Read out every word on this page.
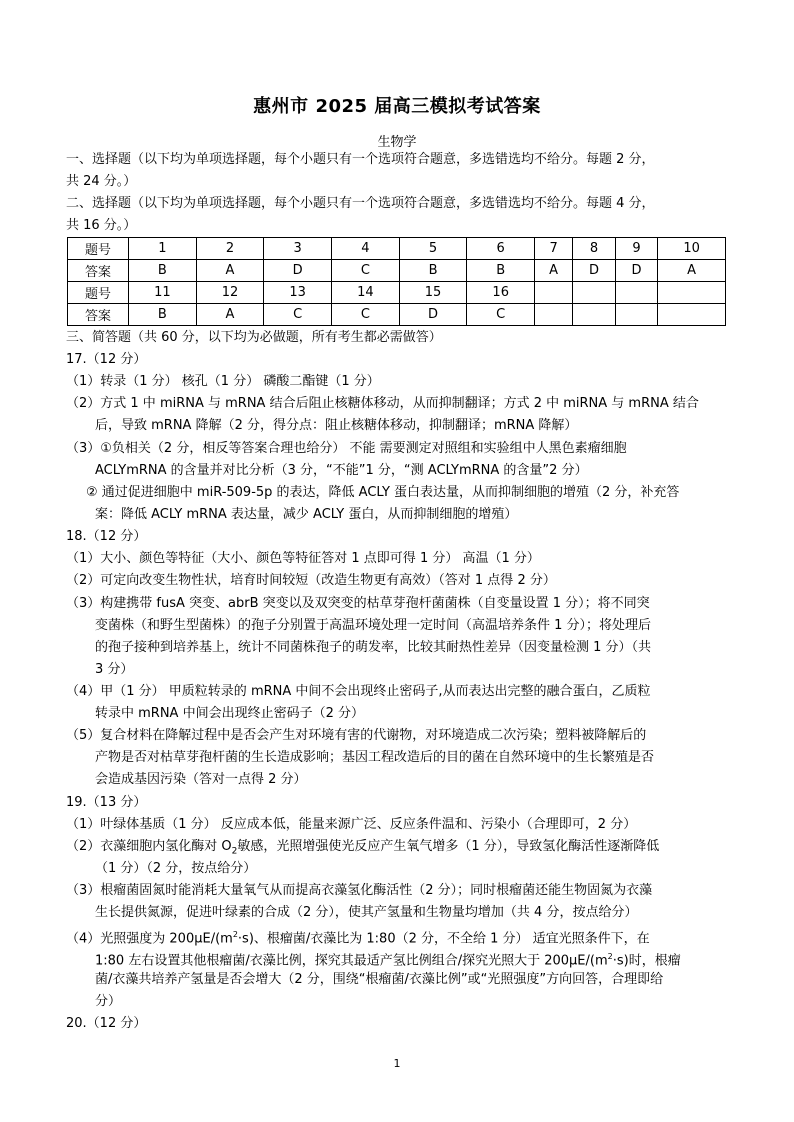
惠州市 2025 届高三模拟考试答案
生物学
一、选择题（以下均为单项选择题，每个小题只有一个选项符合题意，多选错选均不给分。每题 2 分，
共 24 分。）
二、选择题（以下均为单项选择题，每个小题只有一个选项符合题意，多选错选均不给分。每题 4 分，
共 16 分。）
题号	1	2	3	4	5	6	7	8	9	10
答案	B	A	D	C	B	B	A	D	D	A
题号	11	12	13	14	15	16				
答案	B	A	C	C	D	C				
三、简答题（共 60 分，以下均为必做题，所有考生都必需做答）
17.（12 分）
（1）转录（1 分） 核孔（1 分） 磷酸二酯键（1 分）
（2）方式 1 中 miRNA 与 mRNA 结合后阻止核糖体移动，从而抑制翻译；方式 2 中 miRNA 与 mRNA 结合
后，导致 mRNA 降解（2 分，得分点：阻止核糖体移动，抑制翻译；mRNA 降解）
（3）①负相关（2 分，相反等答案合理也给分） 不能 需要测定对照组和实验组中人黑色素瘤细胞
ACLYmRNA 的含量并对比分析（3 分，“不能”1 分，“测 ACLYmRNA 的含量”2 分）
② 通过促进细胞中 miR-509-5p 的表达，降低 ACLY 蛋白表达量，从而抑制细胞的增殖（2 分，补充答
案：降低 ACLY mRNA 表达量，减少 ACLY 蛋白，从而抑制细胞的增殖）
18.（12 分）
（1）大小、颜色等特征（大小、颜色等特征答对 1 点即可得 1 分） 高温（1 分）
（2）可定向改变生物性状，培育时间较短（改造生物更有高效）（答对 1 点得 2 分）
（3）构建携带 fusA 突变、abrB 突变以及双突变的枯草芽孢杆菌菌株（自变量设置 1 分）；将不同突
变菌株（和野生型菌株）的孢子分别置于高温环境处理一定时间（高温培养条件 1 分）；将处理后
的孢子接种到培养基上，统计不同菌株孢子的萌发率，比较其耐热性差异（因变量检测 1 分）（共
3 分）
（4）甲（1 分） 甲质粒转录的 mRNA 中间不会出现终止密码子,从而表达出完整的融合蛋白，乙质粒
转录中 mRNA 中间会出现终止密码子（2 分）
（5）复合材料在降解过程中是否会产生对环境有害的代谢物，对环境造成二次污染；塑料被降解后的
产物是否对枯草芽孢杆菌的生长造成影响；基因工程改造后的目的菌在自然环境中的生长繁殖是否
会造成基因污染（答对一点得 2 分）
19.（13 分）
（1）叶绿体基质（1 分） 反应成本低，能量来源广泛、反应条件温和、污染小（合理即可，2 分）
（2）衣藻细胞内氢化酶对 $O_2$敏感，光照增强使光反应产生氧气增多（1 分），导致氢化酶活性逐渐降低
（1 分）（2 分，按点给分）
（3）根瘤菌固氮时能消耗大量氧气从而提高衣藻氢化酶活性（2 分）；同时根瘤菌还能生物固氮为衣藻
生长提供氮源，促进叶绿素的合成（2 分），使其产氢量和生物量均增加（共 4 分，按点给分）
（4）光照强度为 $200\mu E/(m^2\cdot s)$、根瘤菌/衣藻比为 1:80（2 分，不全给 1 分） 适宜光照条件下，在
1:80 左右设置其他根瘤菌/衣藻比例，探究其最适产氢比例组合/探究光照大于 $200\mu E/(m^2\cdot s)$时，根瘤
菌/衣藻共培养产氢量是否会增大（2 分，围绕“根瘤菌/衣藻比例”或“光照强度”方向回答，合理即给
分）
20.（12 分）
1
